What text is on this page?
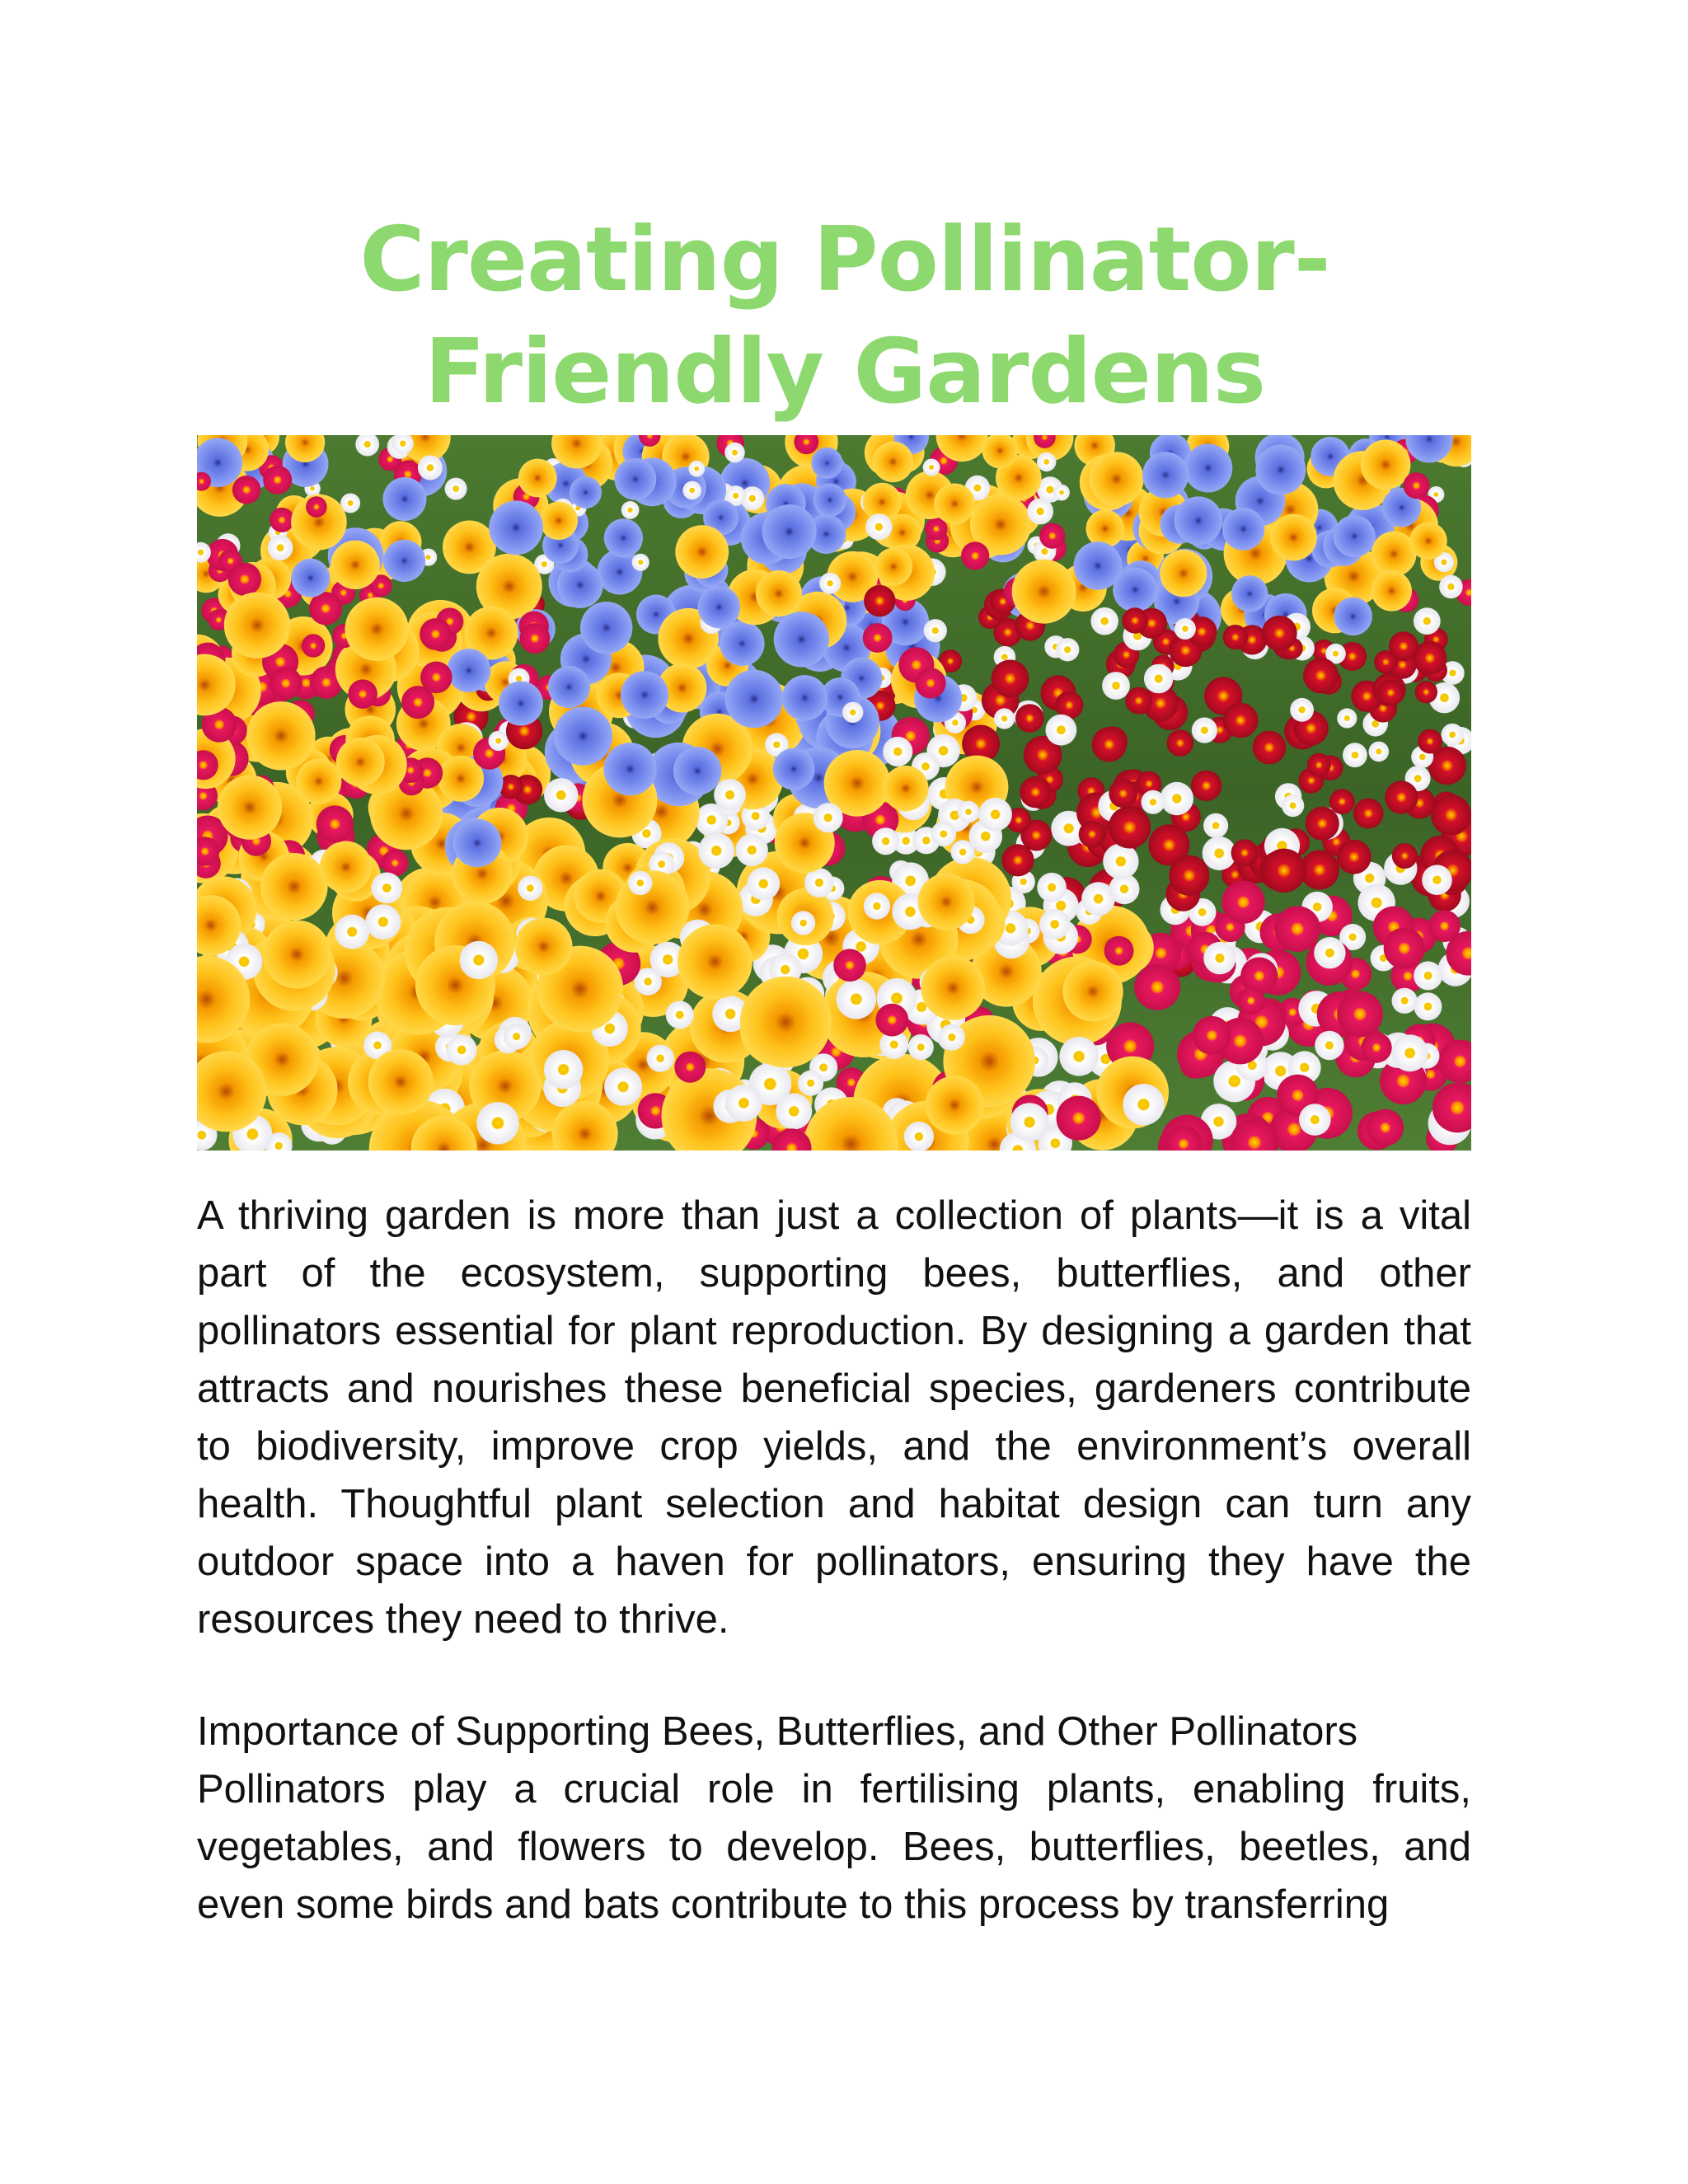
Creating Pollinator-Friendly Gardens

A thriving garden is more than just a collection of plants—it is a vital part of the ecosystem, supporting bees, butterflies, and other pollinators essential for plant reproduction. By designing a garden that attracts and nourishes these beneficial species, gardeners contribute to biodiversity, improve crop yields, and the environment’s overall health. Thoughtful plant selection and habitat design can turn any outdoor space into a haven for pollinators, ensuring they have the resources they need to thrive.

Importance of Supporting Bees, Butterflies, and Other Pollinators

Pollinators play a crucial role in fertilising plants, enabling fruits, vegetables, and flowers to develop. Bees, butterflies, beetles, and even some birds and bats contribute to this process by transferring
